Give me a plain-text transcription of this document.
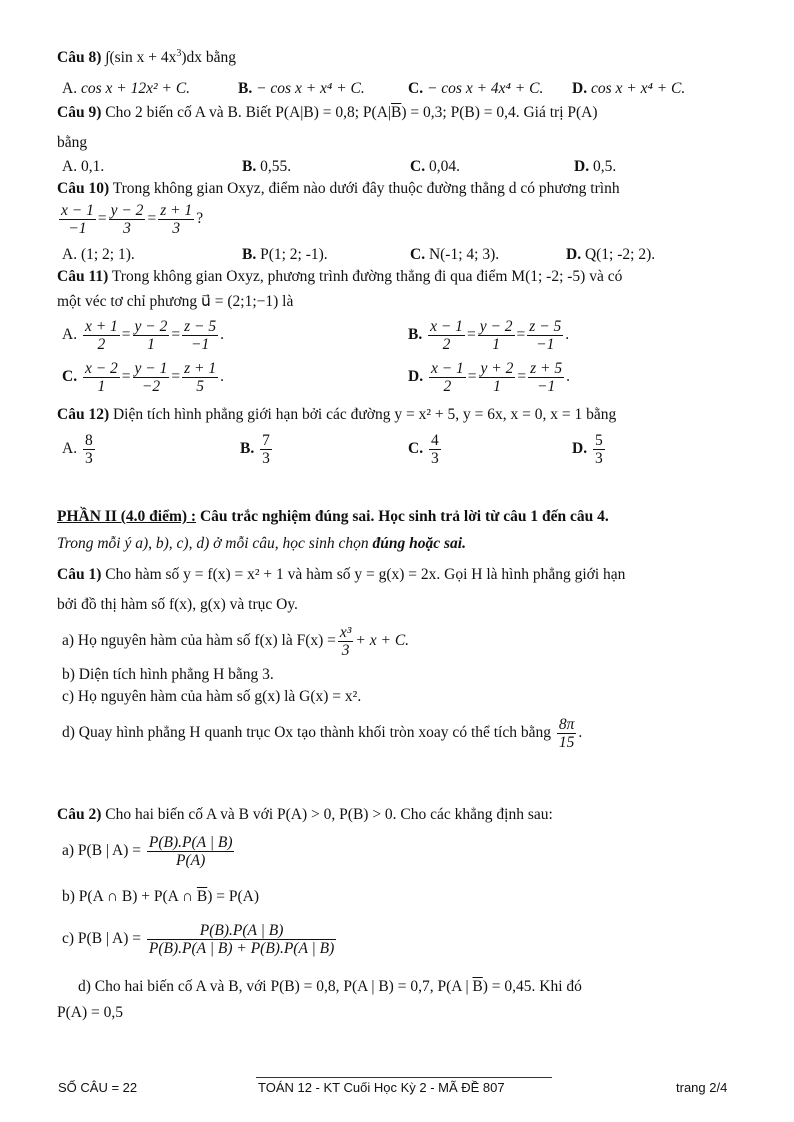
Câu 8) ∫(sin $x + 4x^3)dx$ bằng
A. cos x + 12x² + C.	B. − cos x + x⁴ + C.	C. − cos x + 4x⁴ + C. D. cos x + x⁴ + C.
Câu 9) Cho 2 biến cố A và B. Biết P(A|B) = 0,8; $P(A|\overline{B}) = 0,3$; P(B) = 0,4. Giá trị P(A)
bằng
A. 0,1.	B. 0,55.	C. 0,04.	D. 0,5.
Câu 10) Trong không gian Oxyz, điểm nào dưới đây thuộc đường thẳng d có phương trình
$\frac{x - 1}{-1} = \frac{y - 2}{3} = \frac{z + 1}{3}$ ?
A. (1; 2; 1).	B. P(1; 2; -1).	C. N(-1; 4; 3).	D. Q(1; -2; 2).
Câu 11) Trong không gian Oxyz, phương trình đường thẳng đi qua điểm M(1; -2; -5) và có
một véc tơ chỉ phương u⃗ = (2;1;−1) là
A. $\frac{x + 1}{2} = \frac{y - 2}{1} = \frac{z - 5}{-1}$ .	B. $\frac{x - 1}{2} = \frac{y - 2}{1} = \frac{z - 5}{-1}$ .
C. $\frac{x - 2}{1} = \frac{y - 1}{-2} = \frac{z + 1}{5}$ .	D. $\frac{x - 1}{2} = \frac{y + 2}{1} = \frac{z + 5}{-1}$ .
Câu 12) Diện tích hình phẳng giới hạn bởi các đường y = x² + 5, y = 6x, x = 0, x = 1 bằng
A. $\frac{8}{3}$	B. $\frac{7}{3}$	C. $\frac{4}{3}$	D. $\frac{5}{3}$
PHẦN II (4.0 điểm) : Câu trắc nghiệm đúng sai. Học sinh trả lời từ câu 1 đến câu 4.
Trong mỗi ý a), b), c), d) ở mỗi câu, học sinh chọn đúng hoặc sai.
Câu 1) Cho hàm số y = f(x) = x² + 1 và hàm số y = g(x) = 2x. Gọi H là hình phẳng giới hạn
bởi đồ thị hàm số f(x), g(x) và trục Oy.
a) Họ nguyên hàm của hàm số f(x) là $F(x) = \frac{\text{x³}}{3} + x + C$.
b) Diện tích hình phẳng H bằng 3.
c) Họ nguyên hàm của hàm số g(x) là G(x) = x².
d) Quay hình phẳng H quanh trục Ox tạo thành khối tròn xoay có thể tích bằng $\frac{8\pi}{15}$ .
Câu 2) Cho hai biến cố A và B với P(A) > 0, P(B) > 0. Cho các khẳng định sau:
a) P(B | $A) = \frac{P(B).P(A | B)}{P(A)}$
b) P(A ∩ B) + P(A ∩ $\overline{B}) = P(A)$
c) P(B | $A) = \frac{P(B).P(A | B)}{P(B).P(A | B) + P(\overline{B}).P(A | \overline{B})}$
d) Cho hai biến cố A và B, với P(B) = 0,8, P(A | B) = 0,7, P(A | $\overline{B}) = 0,45$. Khi đó
P(A) = 0,5
SỐ CÂU = 22	TOÁN 12 - KT Cuối Học Kỳ 2 - MÃ ĐỀ 807	trang 2/4
